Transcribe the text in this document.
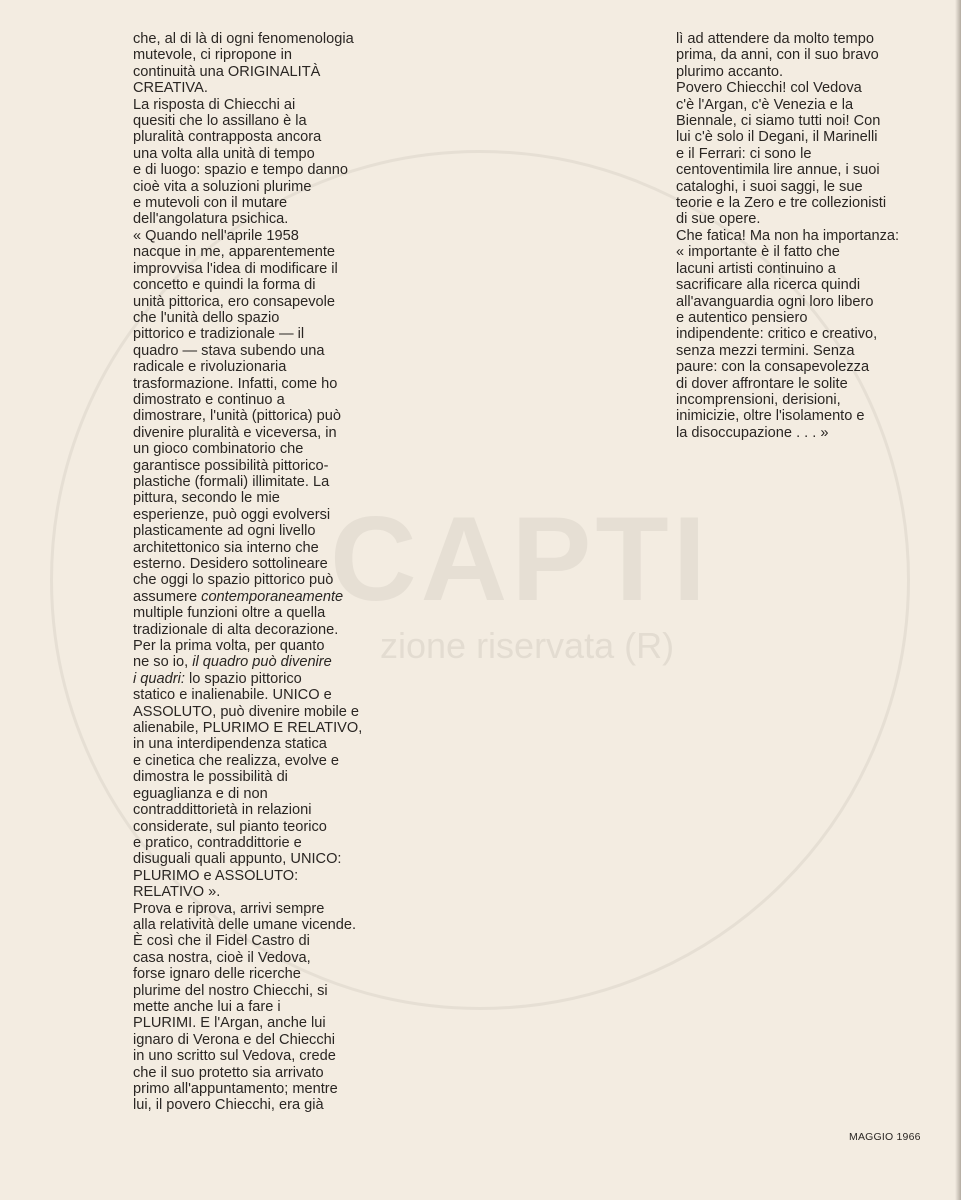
CAPTI
zione riservata (R)
che, al di là di ogni fenomenologia
mutevole, ci ripropone in
continuità una ORIGINALITÀ
CREATIVA.
La risposta di Chiecchi ai
quesiti che lo assillano è la
pluralità contrapposta ancora
una volta alla unità di tempo
e di luogo: spazio e tempo danno
cioè vita a soluzioni plurime
e mutevoli con il mutare
dell'angolatura psichica.
« Quando nell'aprile 1958
nacque in me, apparentemente
improvvisa l'idea di modificare il
concetto e quindi la forma di
unità pittorica, ero consapevole
che l'unità dello spazio
pittorico e tradizionale — il
quadro — stava subendo una
radicale e rivoluzionaria
trasformazione. Infatti, come ho
dimostrato e continuo a
dimostrare, l'unità (pittorica) può
divenire pluralità e viceversa, in
un gioco combinatorio che
garantisce possibilità pittorico-
plastiche (formali) illimitate. La
pittura, secondo le mie
esperienze, può oggi evolversi
plasticamente ad ogni livello
architettonico sia interno che
esterno. Desidero sottolineare
che oggi lo spazio pittorico può
assumere contemporaneamente
multiple funzioni oltre a quella
tradizionale di alta decorazione.
Per la prima volta, per quanto
ne so io, il quadro può divenire
i quadri: lo spazio pittorico
statico e inalienabile. UNICO e
ASSOLUTO, può divenire mobile e
alienabile, PLURIMO E RELATIVO,
in una interdipendenza statica
e cinetica che realizza, evolve e
dimostra le possibilità di
eguaglianza e di non
contraddittorietà in relazioni
considerate, sul pianto teorico
e pratico, contraddittorie e
disuguali quali appunto, UNICO:
PLURIMO e ASSOLUTO:
RELATIVO ».
Prova e riprova, arrivi sempre
alla relatività delle umane vicende.
È così che il Fidel Castro di
casa nostra, cioè il Vedova,
forse ignaro delle ricerche
plurime del nostro Chiecchi, si
mette anche lui a fare i
PLURIMI. E l'Argan, anche lui
ignaro di Verona e del Chiecchi
in uno scritto sul Vedova, crede
che il suo protetto sia arrivato
primo all'appuntamento; mentre
lui, il povero Chiecchi, era già
lì ad attendere da molto tempo
prima, da anni, con il suo bravo
plurimo accanto.
Povero Chiecchi! col Vedova
c'è l'Argan, c'è Venezia e la
Biennale, ci siamo tutti noi! Con
lui c'è solo il Degani, il Marinelli
e il Ferrari: ci sono le
centoventimila lire annue, i suoi
cataloghi, i suoi saggi, le sue
teorie e la Zero e tre collezionisti
di sue opere.
Che fatica! Ma non ha importanza:
« importante è il fatto che
lacuni artisti continuino a
sacrificare alla ricerca quindi
all'avanguardia ogni loro libero
e autentico pensiero
indipendente: critico e creativo,
senza mezzi termini. Senza
paure: con la consapevolezza
di dover affrontare le solite
incomprensioni, derisioni,
inimicizie, oltre l'isolamento e
la disoccupazione . . . »
MAGGIO 1966
